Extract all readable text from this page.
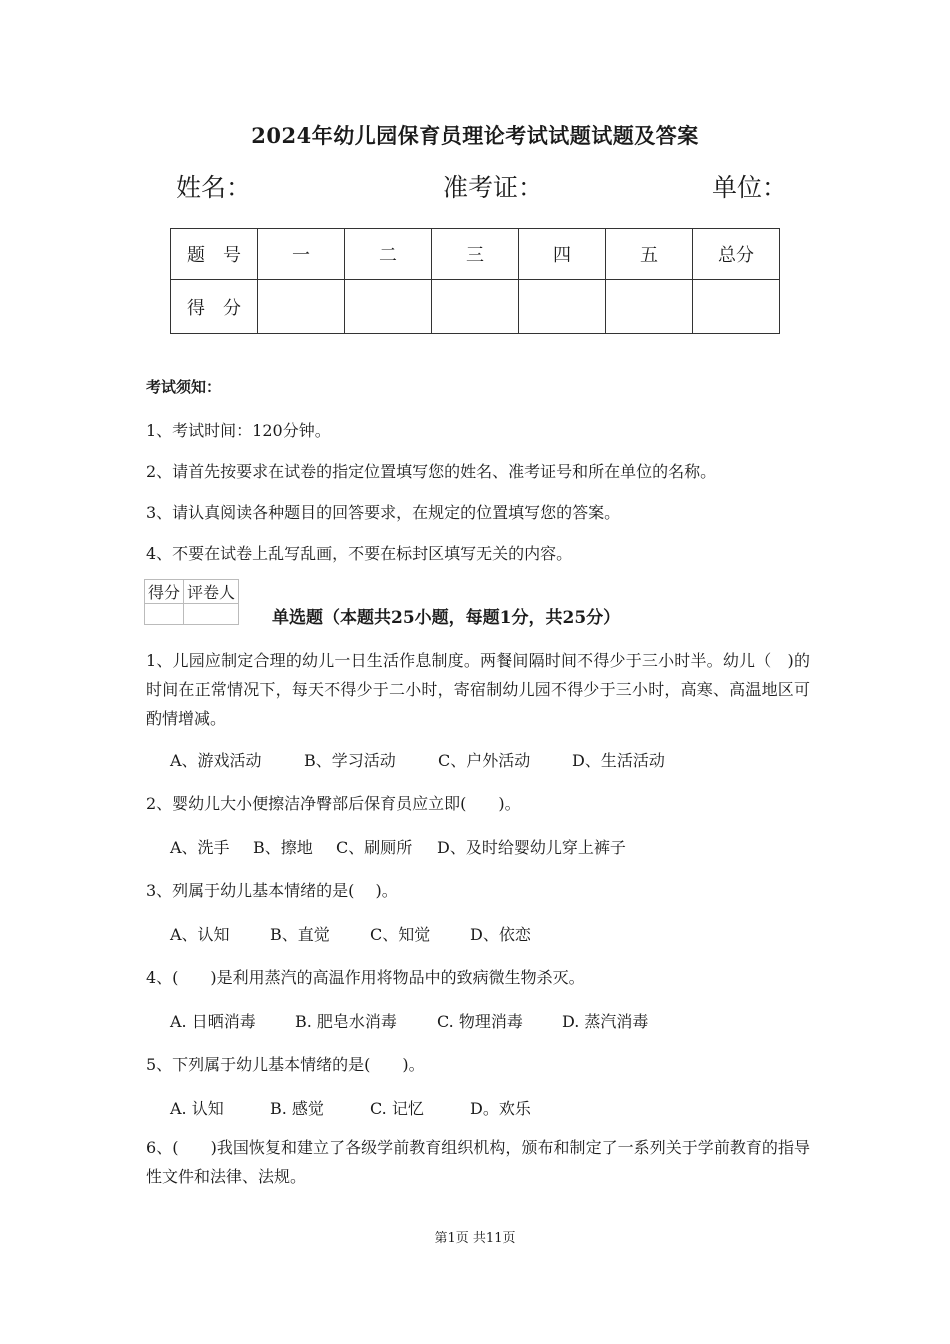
2024年幼儿园保育员理论考试试题试题及答案
姓名：	准考证：	单位：
题　号	一	二	三	四	五	总分
得　分						
考试须知：
1、考试时间：120分钟。
2、请首先按要求在试卷的指定位置填写您的姓名、准考证号和所在单位的名称。
3、请认真阅读各种题目的回答要求，在规定的位置填写您的答案。
4、不要在试卷上乱写乱画，不要在标封区填写无关的内容。
得分	评卷人

单选题（本题共25小题，每题1分，共25分）
1、儿园应制定合理的幼儿一日生活作息制度。两餐间隔时间不得少于三小时半。幼儿（　)的时间在正常情况下，每天不得少于二小时，寄宿制幼儿园不得少于三小时，高寒、高温地区可酌情增减。
A、游戏活动	B、学习活动	C、户外活动	D、生活活动
2、婴幼儿大小便擦洁净臀部后保育员应立即(　　)。
A、洗手 B、擦地 C、刷厕所 D、及时给婴幼儿穿上裤子
3、列属于幼儿基本情绪的是(　 )。
A、认知	B、直觉	C、知觉 D、依恋
4、(　　)是利用蒸汽的高温作用将物品中的致病微生物杀灭。
A. 日晒消毒 B. 肥皂水消毒	C. 物理消毒 D. 蒸汽消毒
5、下列属于幼儿基本情绪的是(　　)。
A. 认知	B. 感觉	C. 记忆	D。欢乐
6、(　　)我国恢复和建立了各级学前教育组织机构，颁布和制定了一系列关于学前教育的指导性文件和法律、法规。
第1页 共11页
